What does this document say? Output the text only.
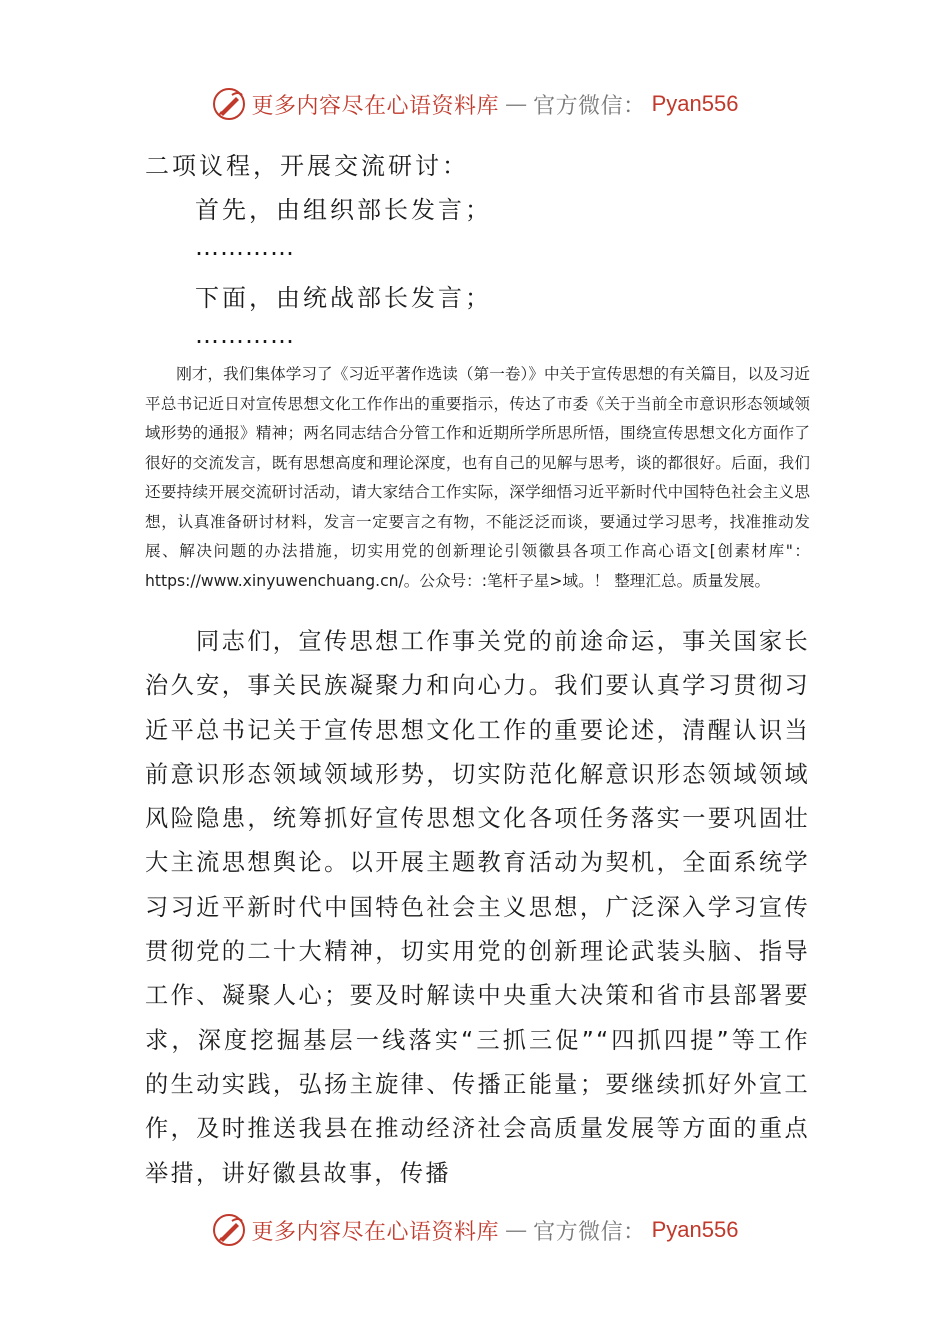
更多内容尽在心语资料库 — 官方微信： Pyan556
二项议程，开展交流研讨：
首先，由组织部长发言；
…………
下面，由统战部长发言；
…………
刚才，我们集体学习了《习近平著作选读（第一卷）》中关于宣传思想的有关篇目，以及习近平总书记近日对宣传思想文化工作作出的重要指示，传达了市委《关于当前全市意识形态领域领域形势的通报》精神；两名同志结合分管工作和近期所学所思所悟，围绕宣传思想文化方面作了很好的交流发言，既有思想高度和理论深度，也有自己的见解与思考，谈的都很好。后面，我们还要持续开展交流研讨活动，请大家结合工作实际，深学细悟习近平新时代中国特色社会主义思想，认真准备研讨材料，发言一定要言之有物，不能泛泛而谈，要通过学习思考，找准推动发展、解决问题的办法措施，切实用党的创新理论引领徽县各项工作高心语文[创素材库"：https://www.xinyuwenchuang.cn/。公众号：:笔杆子星>域。！ 整理汇总。质量发展。
同志们，宣传思想工作事关党的前途命运，事关国家长治久安，事关民族凝聚力和向心力。我们要认真学习贯彻习近平总书记关于宣传思想文化工作的重要论述，清醒认识当前意识形态领域领域形势，切实防范化解意识形态领域领域风险隐患，统筹抓好宣传思想文化各项任务落实一要巩固壮大主流思想舆论。以开展主题教育活动为契机，全面系统学习习近平新时代中国特色社会主义思想，广泛深入学习宣传贯彻党的二十大精神，切实用党的创新理论武装头脑、指导工作、凝聚人心；要及时解读中央重大决策和省市县部署要求，深度挖掘基层一线落实“三抓三促”“四抓四提”等工作的生动实践，弘扬主旋律、传播正能量；要继续抓好外宣工作，及时推送我县在推动经济社会高质量发展等方面的重点举措，讲好徽县故事，传播
更多内容尽在心语资料库 — 官方微信： Pyan556
